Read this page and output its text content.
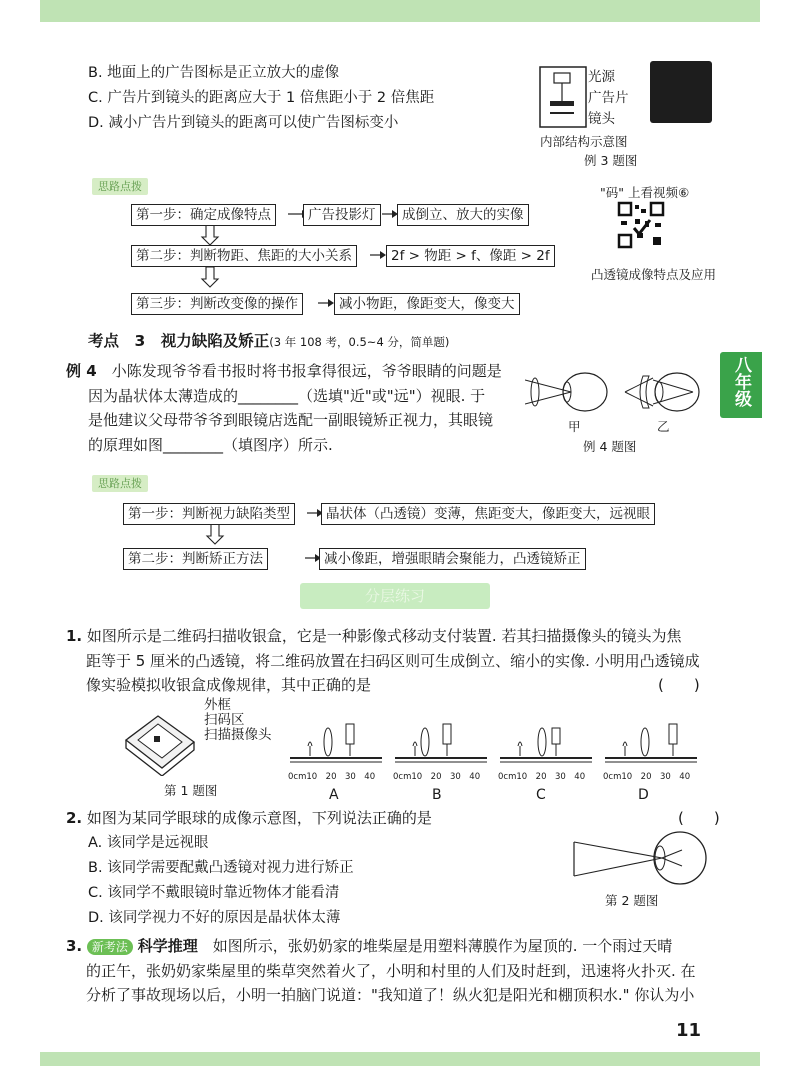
八年级
B. 地面上的广告图标是正立放大的虚像
C. 广告片到镜头的距离应大于 1 倍焦距小于 2 倍焦距
D. 减小广告片到镜头的距离可以使广告图标变小
光源
广告片
镜头
内部结构示意图
例 3 题图
"码" 上看视频⑥
凸透镜成像特点及应用
思路点拨
第一步：确定成像特点	广告投影灯	成倒立、放大的实像
第二步：判断物距、焦距的大小关系	2f > 物距 > f、像距 > 2f
第三步：判断改变像的操作	减小物距，像距变大，像变大
考点　3　视力缺陷及矫正(3 年 108 考，0.5~4 分，简单题)
例 4　 小陈发现爷爷看书报时将书报拿得很远，爷爷眼睛的问题是
因为晶状体太薄造成的________（选填"近"或"远"）视眼. 于
是他建议父母带爷爷到眼镜店选配一副眼镜矫正视力，其眼镜
的原理如图________（填图序）所示.
甲	乙
例 4 题图
思路点拨
第一步：判断视力缺陷类型	晶状体（凸透镜）变薄，焦距变大，像距变大，远视眼
第二步：判断矫正方法	减小像距，增强眼睛会聚能力，凸透镜矫正
分层练习
1. 如图所示是二维码扫描收银盒，它是一种影像式移动支付装置. 若其扫描摄像头的镜头为焦
距等于 5 厘米的凸透镜，将二维码放置在扫码区则可生成倒立、缩小的实像. 小明用凸透镜成
像实验模拟收银盒成像规律，其中正确的是	(　　)
外框
扫码区
扫描摄像头
第 1 题图
0cm10　20　30　40	0cm10　20　30　40	0cm10　20　30　40	0cm10　20　30　40
A	B	C	D
2. 如图为某同学眼球的成像示意图，下列说法正确的是	(　　)
A. 该同学是远视眼
B. 该同学需要配戴凸透镜对视力进行矫正
C. 该同学不戴眼镜时靠近物体才能看清
D. 该同学视力不好的原因是晶状体太薄
第 2 题图
3. 新考法 科学推理　 如图所示，张奶奶家的堆柴屋是用塑料薄膜作为屋顶的. 一个雨过天晴
的正午，张奶奶家柴屋里的柴草突然着火了，小明和村里的人们及时赶到，迅速将火扑灭. 在
分析了事故现场以后，小明一拍脑门说道："我知道了！纵火犯是阳光和棚顶积水." 你认为小
11
